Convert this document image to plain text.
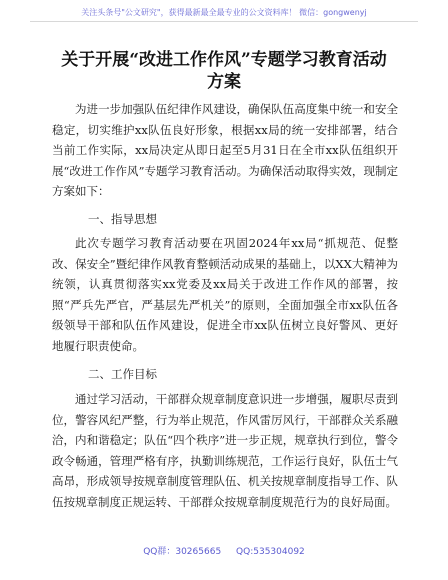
关注头条号"公文研究"，获得最新最全最专业的公文资料库！ 微信：gongwenyj
关于开展“改进工作作风”专题学习教育活动
方案

为进一步加强队伍纪律作风建设，确保队伍高度集中统一和安全稳定，切实维护xx队伍良好形象，根据xx局的统一安排部署，结合当前工作实际，xx局决定从即日起至5月31日在全市xx队伍组织开展“改进工作作风”专题学习教育活动。为确保活动取得实效，现制定方案如下：

一、指导思想

此次专题学习教育活动要在巩固2024年xx局“抓规范、促整改、保安全”暨纪律作风教育整顿活动成果的基础上，以XX大精神为统领，认真贯彻落实xx党委及xx局关于改进工作作风的部署，按照“严兵先严官，严基层先严机关”的原则，全面加强全市xx队伍各级领导干部和队伍作风建设，促进全市xx队伍树立良好警风、更好地履行职责使命。

二、工作目标

通过学习活动，干部群众规章制度意识进一步增强，履职尽责到位，警容风纪严整，行为举止规范，作风雷厉风行，干部群众关系融洽，内和谐稳定；队伍“四个秩序”进一步正规，规章执行到位，警令政令畅通，管理严格有序，执勤训练规范，工作运行良好，队伍士气高昂，形成领导按规章制度管理队伍、机关按规章制度指导工作、队伍按规章制度正规运转、干部群众按规章制度规范行为的良好局面。

QQ群：30265665 QQ:535304092
